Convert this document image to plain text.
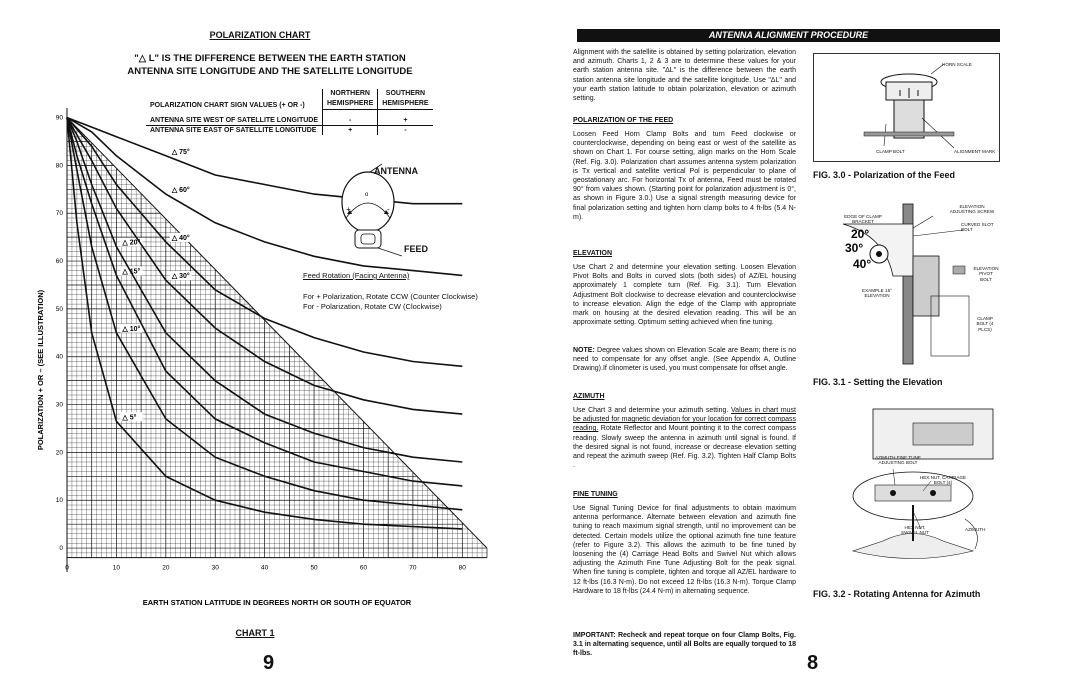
POLARIZATION CHART
"△ L" IS THE DIFFERENCE BETWEEN THE EARTH STATION
ANTENNA SITE LONGITUDE AND THE SATELLITE LONGITUDE
0	10	20	30	40	50	60	70	80
0
10
20
30
40
50
60
70
80
90
EARTH STATION LATITUDE IN DEGREES NORTH OR SOUTH OF EQUATOR
POLARIZATION + OR – (SEE ILLUSTRATION)	△ 5°
△ 10°
△ 15°
△ 20°
△ 30°
△ 40°
△ 60°
△ 75°
POLARIZATION CHART SIGN VALUES (+ OR -)	NORTHERN	SOUTHERN
	HEMISPHERE	HEMISPHERE

ANTENNA SITE WEST OF SATELLITE LONGITUDE	-	+
ANTENNA SITE EAST OF SATELLITE LONGITUDE	+	-
+	-
o
ANTENNA
FEED
Feed Rotation (Facing Antenna)
For + Polarization, Rotate CCW (Counter Clockwise)
For - Polarization, Rotate CW (Clockwise)
CHART 1
9
ANTENNA ALIGNMENT PROCEDURE
Alignment with the satellite is obtained by setting polarization, elevation and azimuth. Charts 1, 2 & 3 are to determine these values for your earth station antenna site. "ΔL" is the difference between the earth station antenna site longitude and the satellite longitude. Use "ΔL" and your earth station latitude to obtain polarization, elevation or azimuth setting.
POLARIZATION OF THE FEED
Loosen Feed Horn Clamp Bolts and turn Feed clockwise or counterclockwise, depending on being east or west of the satellite as shown on Chart 1. For course setting, align marks on the Horn Scale (Ref. Fig. 3.0). Polarization chart assumes antenna system polarization is Tx vertical and satellite vertical Pol is perpendicular to plane of geostationary arc. For horizontal Tx of antenna, Feed must be rotated 90° from values shown. (Starting point for polarization adjustment is 0°, as shown in Figure 3.0.) Use a signal strength measuring device for final polarization setting and tighten horn clamp bolts to 4 ft-lbs (5.4 N-m).
ELEVATION
Use Chart 2 and determine your elevation setting. Loosen Elevation Pivot Bolts and Bolts in curved slots (both sides) of AZ/EL housing approximately 1 complete turn (Ref. Fig. 3.1). Turn Elevation Adjustment Bolt clockwise to decrease elevation and counterclockwise to increase elevation. Align the edge of the Clamp with appropriate mark on housing at the desired elevation reading. This will be an approximate setting. Optimum setting achieved when fine tuning.
NOTE: Degree values shown on Elevation Scale are Beam; there is no need to compensate for any offset angle. (See Appendix A, Outline Drawing).If clinometer is used, you must compensate for offset angle.
AZIMUTH
Use Chart 3 and determine your azimuth setting. Values in chart must be adjusted for magnetic deviation for your location for correct compass reading. Rotate Reflector and Mount pointing it to the correct compass reading. Slowly sweep the antenna in azimuth until signal is found. If the desired signal is not found, increase or decrease elevation setting and repeat the azimuth sweep (Ref. Fig. 3.2). Tighten Half Clamp Bolts .
FINE TUNING
Use Signal Tuning Device for final adjustments to obtain maximum antenna performance. Alternate between elevation and azimuth fine tuning to reach maximum signal strength, until no improvement can be detected. Certain models utilize the optional azimuth fine tune feature (refer to Figure 3.2). This allows the azimuth to be fine tuned by loosening the (4) Carriage Head Bolts and Swivel Nut which allows adjusting the Azimuth Fine Tune Adjusting Bolt for the peak signal. When fine tuning is complete, tighten and torque all AZ/EL hardware to 12 ft-lbs (16.3 N-m). Do not exceed 12 ft-lbs (16.3 N-m). Torque Clamp Hardware to 18 ft-lbs (24.4 N-m) in alternating sequence.
IMPORTANT: Recheck and repeat torque on four Clamp Bolts, Fig. 3.1 in alternating sequence, until all Bolts are equally torqued to 18 ft-lbs.	8
HORN SCALE
CLAMP BOLT	ALIGNMENT MARK
FIG. 3.0 - Polarization of the Feed
20°
30°
40°
ELEVATION ADJUSTING SCREW
EDGE OF CLAMP BRACKET
CURVED SLOT BOLT
EXAMPLE 15° ELEVATION
ELEVATION PIVOT BOLT
CLAMP BOLT (4 PLCS)
FIG. 3.1 - Setting the Elevation
AZIMUTH FINE TUNE ADJUSTING BOLT
HEX NUT, CARRIAGE BOLT (4)
HEX NUT, SWIVEL NUT
AZIMUTH
FIG. 3.2 - Rotating Antenna for Azimuth
